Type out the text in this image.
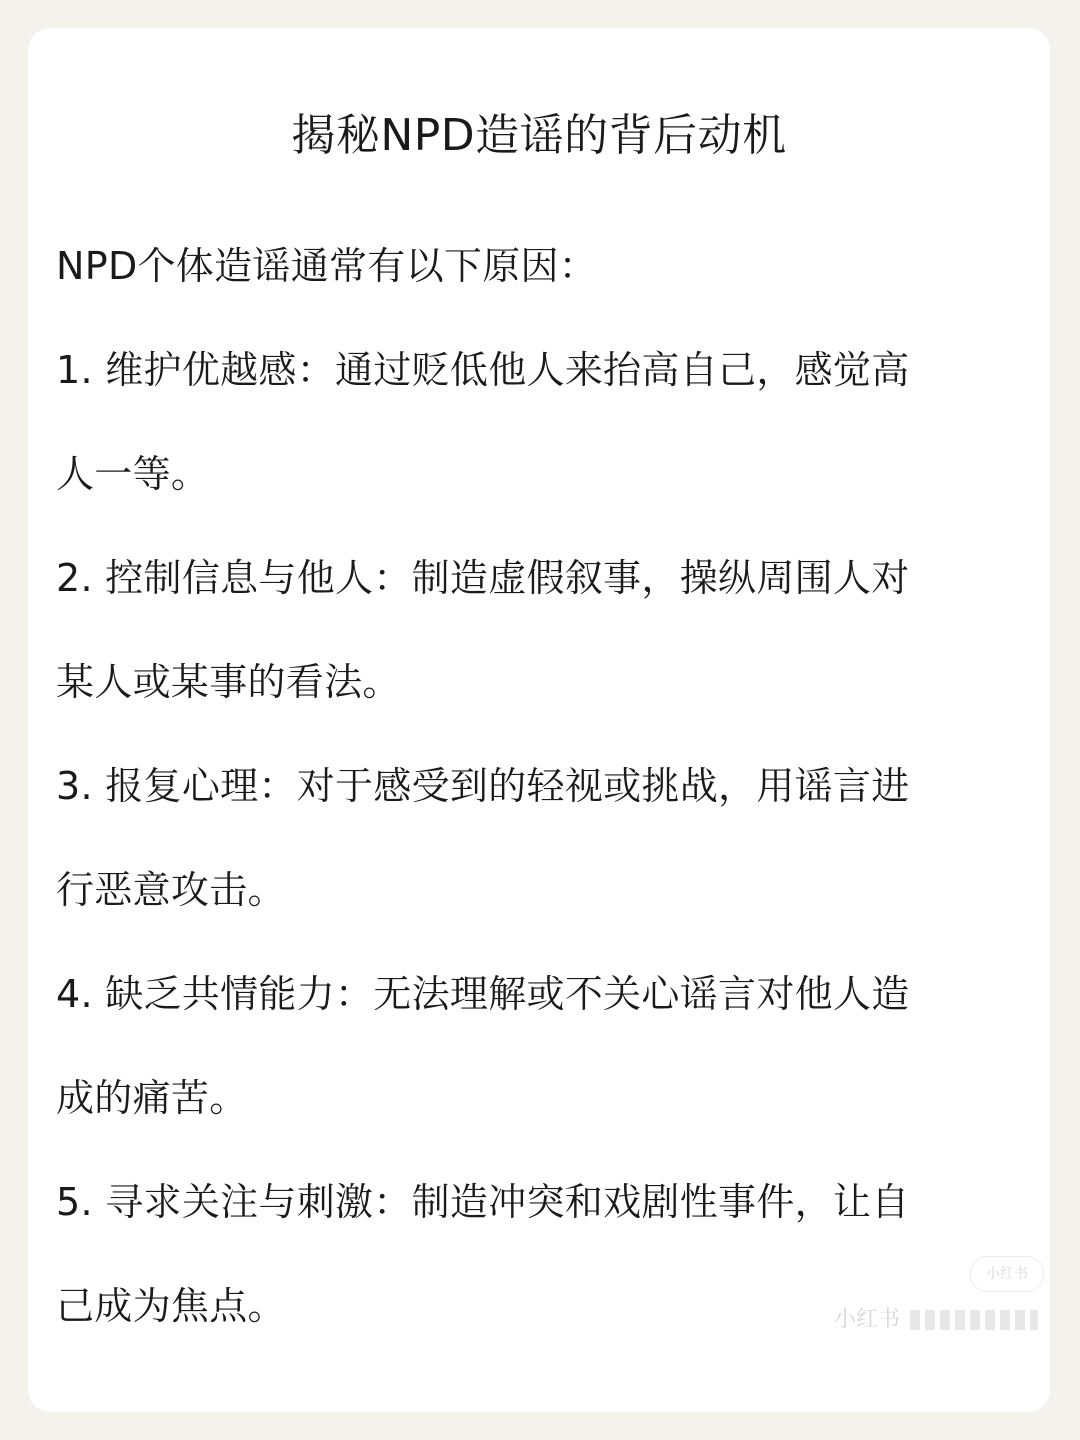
揭秘NPD造谣的背后动机
NPD个体造谣通常有以下原因：
1. 维护优越感：通过贬低他人来抬高自己，感觉高
人一等。
2. 控制信息与他人：制造虚假叙事，操纵周围人对
某人或某事的看法。
3. 报复心理：对于感受到的轻视或挑战，用谣言进
行恶意攻击。
4. 缺乏共情能力：无法理解或不关心谣言对他人造
成的痛苦。
5. 寻求关注与刺激：制造冲突和戏剧性事件，让自
己成为焦点。
小红书
小红书
